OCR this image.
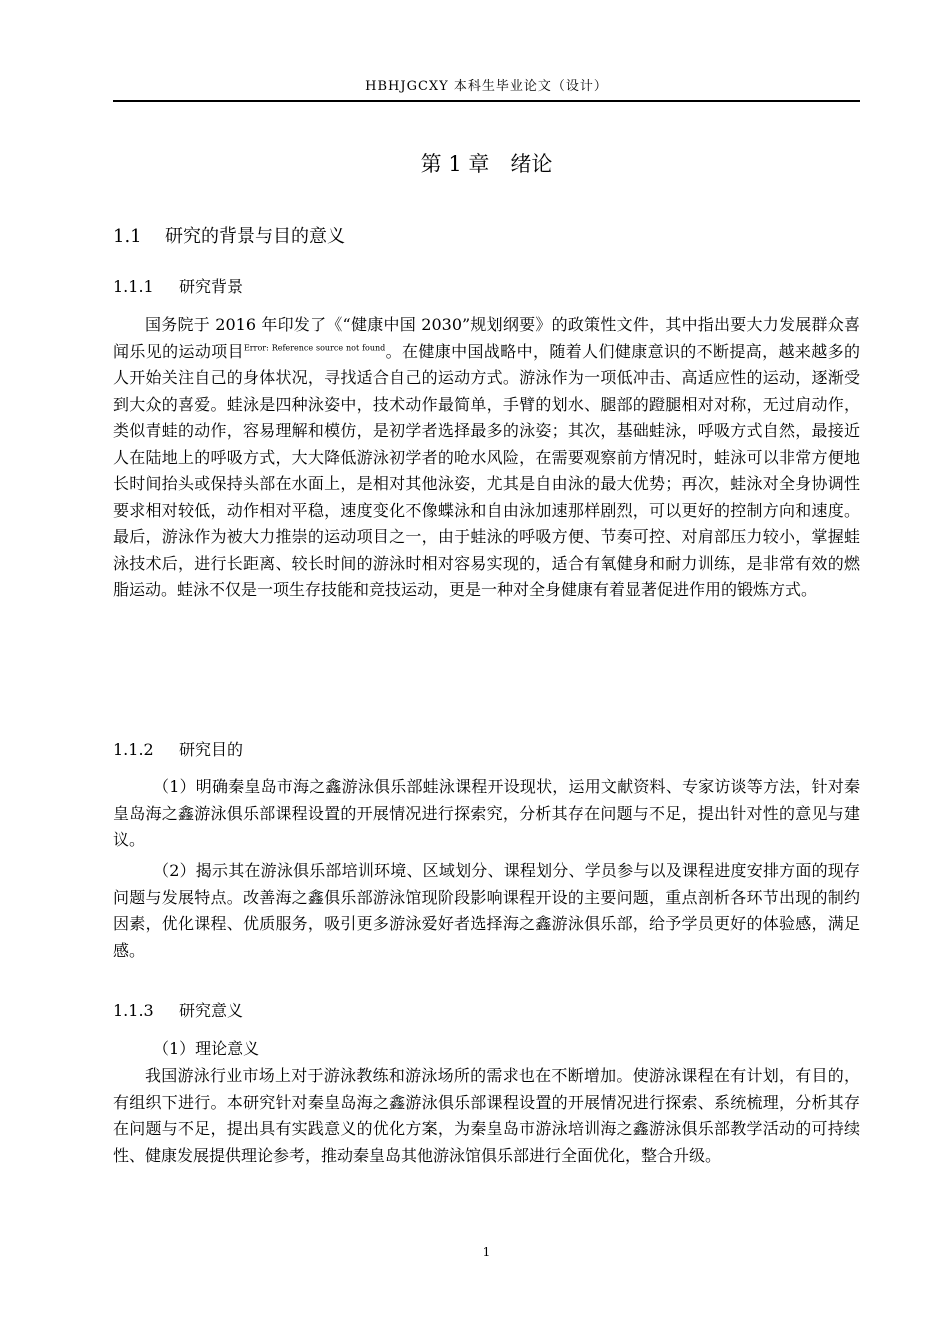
HBHJGCXY 本科生毕业论文（设计）
第 1 章　绪论
1.1 研究的背景与目的意义
1.1.1 研究背景

国务院于 2016 年印发了《“健康中国 2030”规划纲要》的政策性文件，其中指出要大力发展群众喜闻乐见的运动项目$^{Error: Reference source not found}$。在健康中国战略中，随着人们健康意识的不断提高，越来越多的人开始关注自己的身体状况，寻找适合自己的运动方式。游泳作为一项低冲击、高适应性的运动，逐渐受到大众的喜爱。蛙泳是四种泳姿中，技术动作最简单，手臂的划水、腿部的蹬腿相对对称，无过肩动作，类似青蛙的动作，容易理解和模仿，是初学者选择最多的泳姿；其次，基础蛙泳，呼吸方式自然，最接近人在陆地上的呼吸方式，大大降低游泳初学者的呛水风险，在需要观察前方情况时，蛙泳可以非常方便地长时间抬头或保持头部在水面上，是相对其他泳姿，尤其是自由泳的最大优势；再次，蛙泳对全身协调性要求相对较低，动作相对平稳，速度变化不像蝶泳和自由泳加速那样剧烈，可以更好的控制方向和速度。最后，游泳作为被大力推崇的运动项目之一，由于蛙泳的呼吸方便、节奏可控、对肩部压力较小，掌握蛙泳技术后，进行长距离、较长时间的游泳时相对容易实现的，适合有氧健身和耐力训练，是非常有效的燃脂运动。蛙泳不仅是一项生存技能和竞技运动，更是一种对全身健康有着显著促进作用的锻炼方式。

1.1.2 研究目的

（1）明确秦皇岛市海之鑫游泳俱乐部蛙泳课程开设现状，运用文献资料、专家访谈等方法，针对秦皇岛海之鑫游泳俱乐部课程设置的开展情况进行探索究，分析其存在问题与不足，提出针对性的意见与建议。

（2）揭示其在游泳俱乐部培训环境、区域划分、课程划分、学员参与以及课程进度安排方面的现存问题与发展特点。改善海之鑫俱乐部游泳馆现阶段影响课程开设的主要问题，重点剖析各环节出现的制约因素，优化课程、优质服务，吸引更多游泳爱好者选择海之鑫游泳俱乐部，给予学员更好的体验感，满足感。

1.1.3 研究意义

（1）理论意义

我国游泳行业市场上对于游泳教练和游泳场所的需求也在不断增加。使游泳课程在有计划，有目的，有组织下进行。本研究针对秦皇岛海之鑫游泳俱乐部课程设置的开展情况进行探索、系统梳理，分析其存在问题与不足，提出具有实践意义的优化方案，为秦皇岛市游泳培训海之鑫游泳俱乐部教学活动的可持续性、健康发展提供理论参考，推动秦皇岛其他游泳馆俱乐部进行全面优化，整合升级。

1
